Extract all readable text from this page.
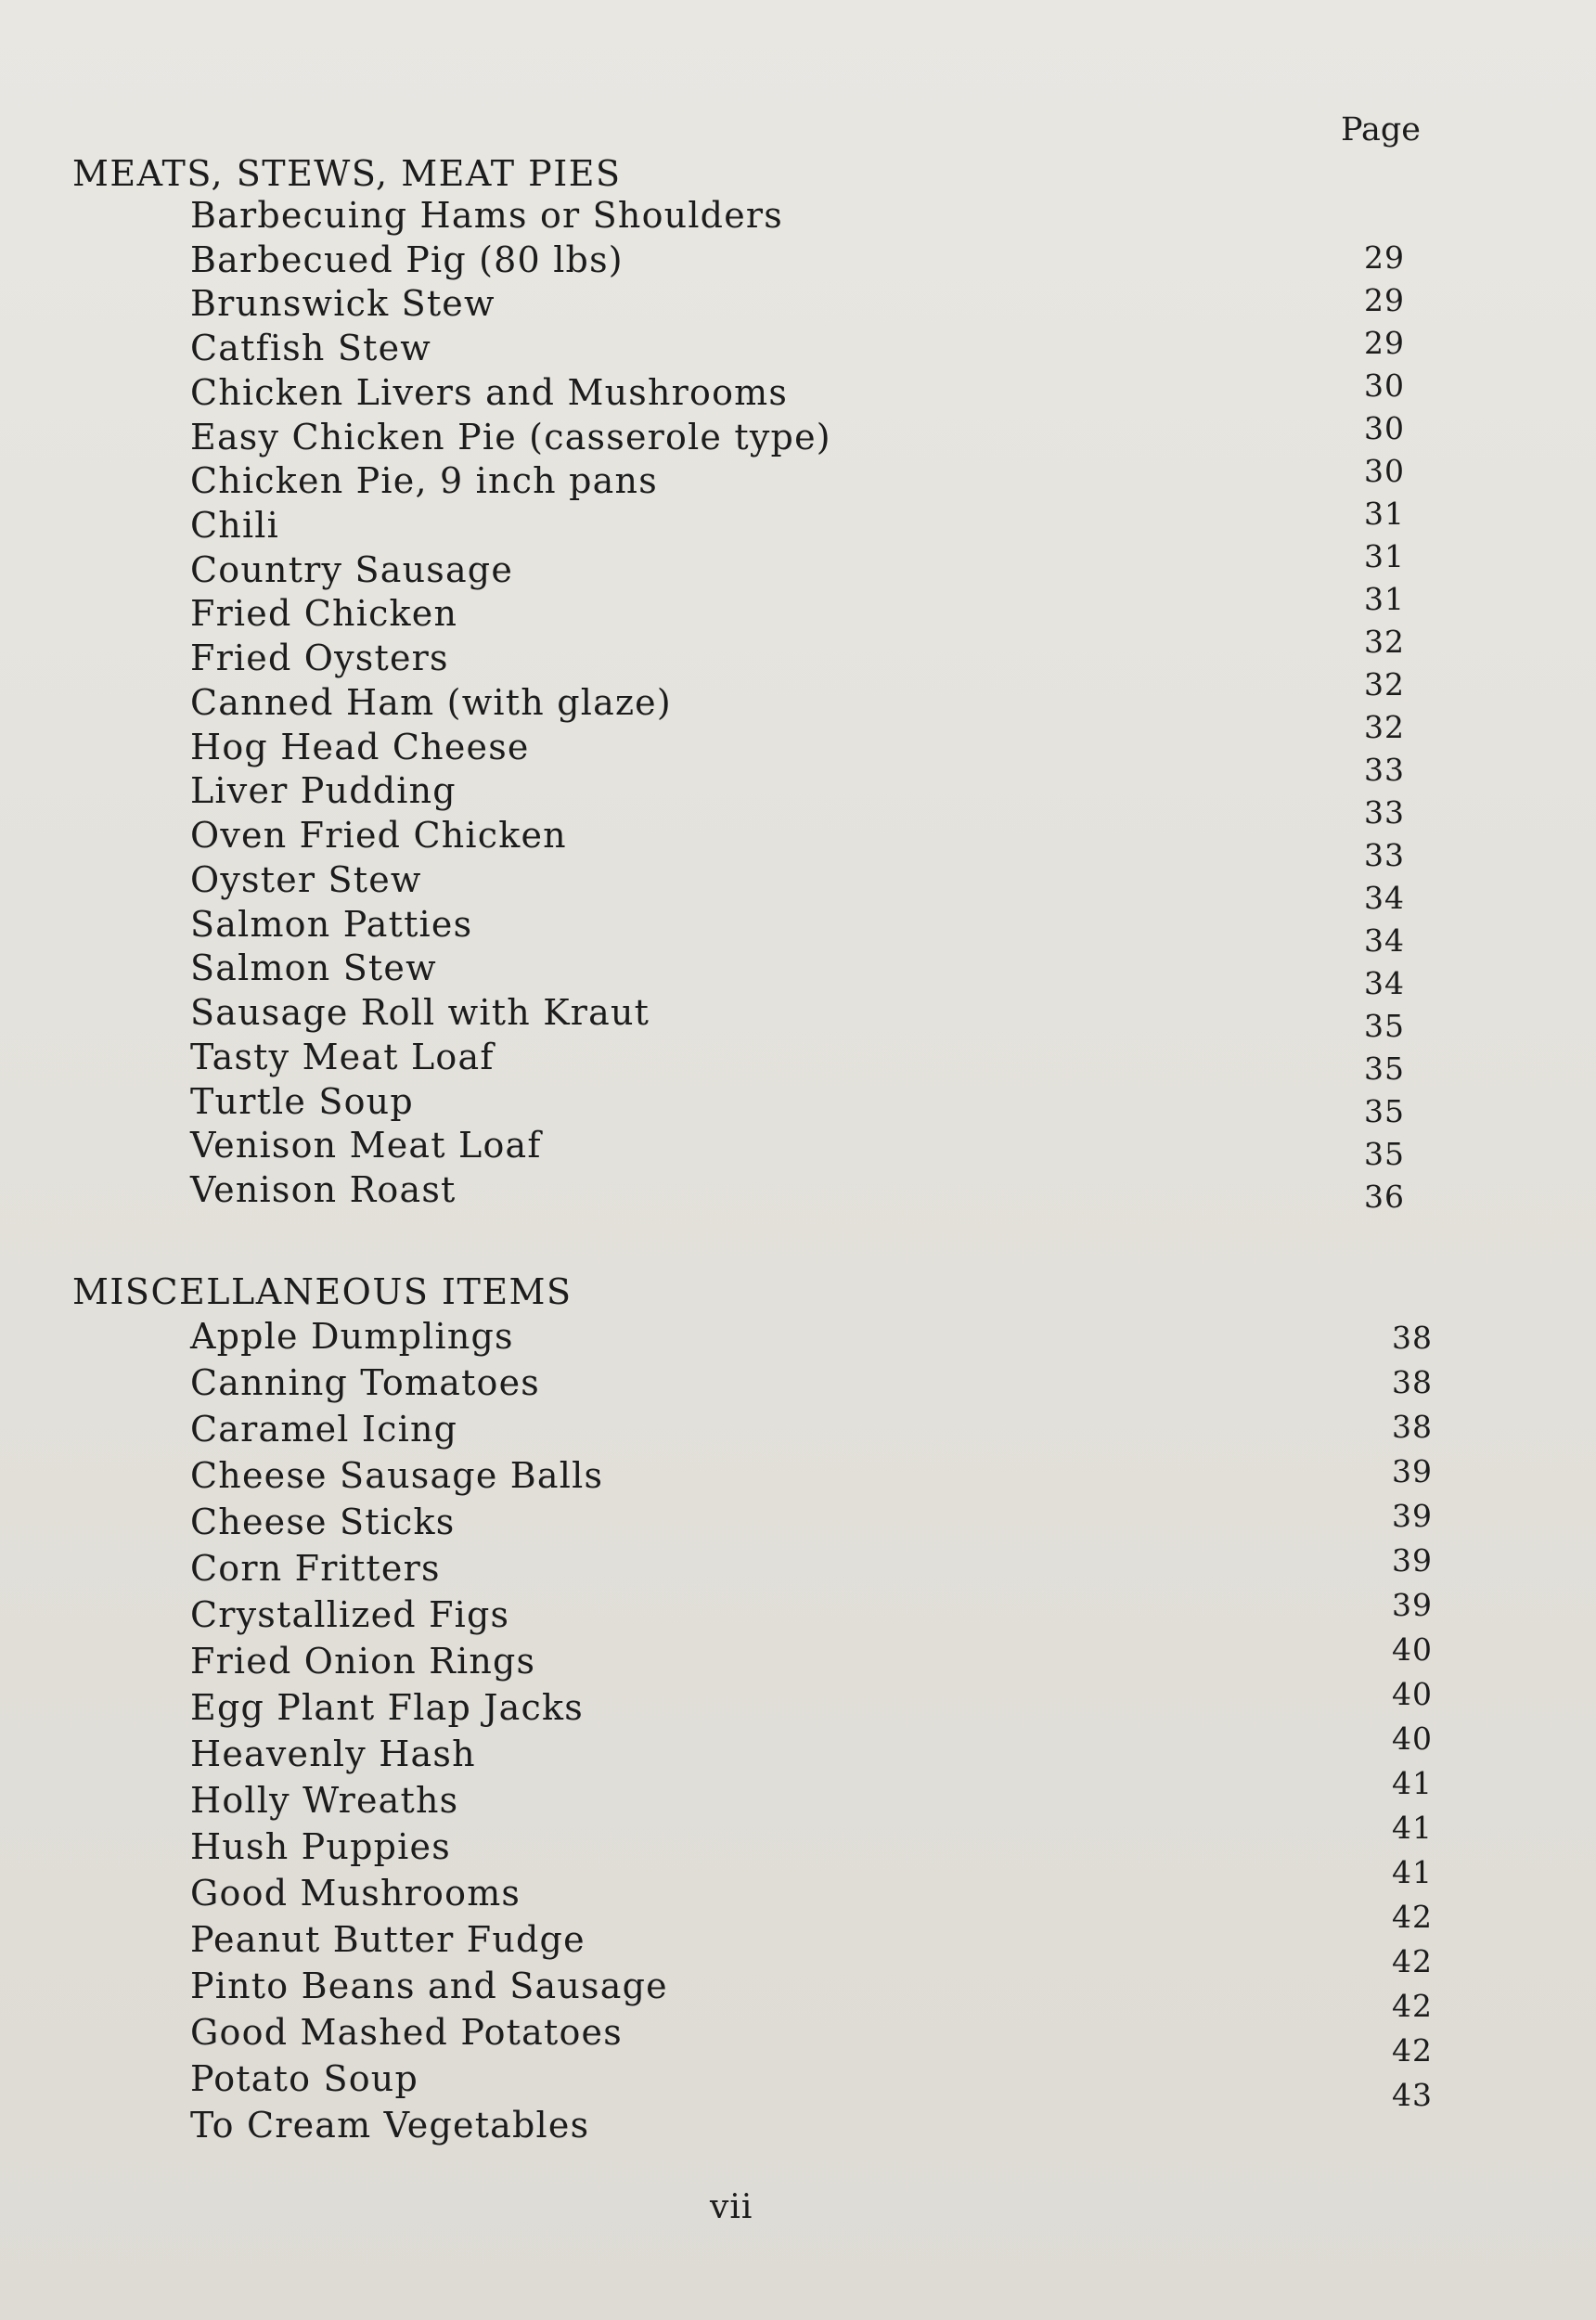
Page
MEATS, STEWS, MEAT PIES
Barbecuing Hams or Shoulders
Barbecued Pig (80 lbs)
Brunswick Stew
Catfish Stew
Chicken Livers and Mushrooms
Easy Chicken Pie (casserole type)
Chicken Pie, 9 inch pans
Chili
Country Sausage
Fried Chicken
Fried Oysters
Canned Ham (with glaze)
Hog Head Cheese
Liver Pudding
Oven Fried Chicken
Oyster Stew
Salmon Patties
Salmon Stew
Sausage Roll with Kraut
Tasty Meat Loaf
Turtle Soup
Venison Meat Loaf
Venison Roast
29
29
29
30
30
30
31
31
31
32
32
32
33
33
33
34
34
34
35
35
35
35
36
MISCELLANEOUS ITEMS
Apple Dumplings
Canning Tomatoes
Caramel Icing
Cheese Sausage Balls
Cheese Sticks
Corn Fritters
Crystallized Figs
Fried Onion Rings
Egg Plant Flap Jacks
Heavenly Hash
Holly Wreaths
Hush Puppies
Good Mushrooms
Peanut Butter Fudge
Pinto Beans and Sausage
Good Mashed Potatoes
Potato Soup
To Cream Vegetables
38
38
38
39
39
39
39
40
40
40
41
41
41
42
42
42
42
43
vii
